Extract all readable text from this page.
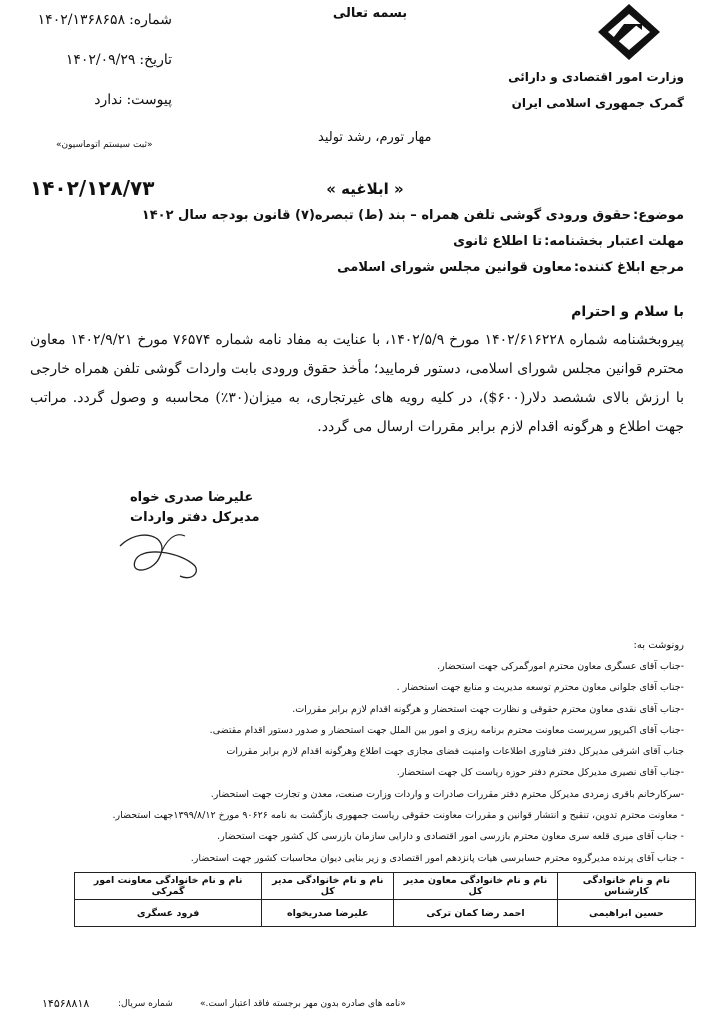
شماره:۱۴۰۲/۱۳۶۸۶۵۸
تاریخ:۱۴۰۲/۰۹/۲۹
پیوست:ندارد
«ثبت سیستم اتوماسیون»
بسمه تعالی
وزارت امور اقتصادی و دارائی
گمرک جمهوری اسلامی ایران
مهار تورم، رشد تولید
۱۴۰۲/۱۲۸/۷۳	« ابلاغیه »
موضوع:حقوق ورودی گوشی تلفن همراه – بند (ط) تبصره(۷) قانون بودجه سال ۱۴۰۲
مهلت اعتبار بخشنامه:تا اطلاع ثانوی
مرجع ابلاغ کننده:معاون قوانین مجلس شورای اسلامی
با سلام و احترام
پیروبخشنامه شماره ۱۴۰۲/۶۱۶۲۲۸ مورخ ۱۴۰۲/۵/۹، با عنایت به مفاد نامه شماره ۷۶۵۷۴ مورخ ۱۴۰۲/۹/۲۱ معاون محترم قوانین مجلس شورای اسلامی، دستور فرمایید؛ مأخذ حقوق ورودی بابت واردات گوشی تلفن همراه خارجی با ارزش بالای ششصد دلار(۶۰۰$)، در کلیه رویه های غیرتجاری، به میزان(۳۰٪) محاسبه و وصول گردد. مراتب جهت اطلاع و هرگونه اقدام لازم برابر مقررات ارسال می گردد.
علیرضا صدری خواه
مدیرکل دفتر واردات
رونوشت به:
-جناب آقای عسگری معاون محترم امورگمرکی جهت استحضار.
-جناب آقای جلوانی معاون محترم توسعه مدیریت و منابع جهت استحضار .
-جناب آقای نقدی معاون محترم حقوقی و نظارت جهت استحضار و هرگونه اقدام لازم برابر مقررات.
-جناب آقای اکبرپور سرپرست معاونت محترم برنامه ریزی و امور بین الملل جهت استحضار و صدور دستور اقدام مقتضی.
جناب آقای اشرفی مدیرکل دفتر فناوری اطلاعات وامنیت فضای مجازی جهت اطلاع وهرگونه اقدام لازم برابر مقررات
-جناب آقای نصیری مدیرکل محترم دفتر حوزه ریاست کل جهت استحضار.
-سرکارخانم باقری زمردی مدیرکل محترم دفتر مقررات صادرات و واردات وزارت صنعت، معدن و تجارت جهت استحضار.
- معاونت محترم تدوین، تنقیح و انتشار قوانین و مقررات معاونت حقوقی ریاست جمهوری بازگشت به نامه ۹۰۶۲۶ مورخ ۱۳۹۹/۸/۱۲جهت استحضار.
- جناب آقای میری قلعه سری معاون محترم بازرسی امور اقتصادی و دارایی سازمان بازرسی کل کشور جهت استحضار.
- جناب آقای پرنده مدیرگروه محترم حسابرسی هیات پانزدهم امور اقتصادی و زیر بنایی دیوان محاسبات کشور جهت استحضار.
نام و نام خانوادگی کارشناس	نام و نام خانوادگی معاون مدیر کل	نام و نام خانوادگی مدیر کل	نام و نام خانوادگی معاونت امور گمرکی
حسین ابراهیمی	احمد رضا کمان ترکی	علیرضا صدریخواه	فرود عسگری
«نامه های صادره بدون مهر برجسته فاقد اعتبار است.»
شماره سریال:
۱۴۵۶۸۸۱۸
